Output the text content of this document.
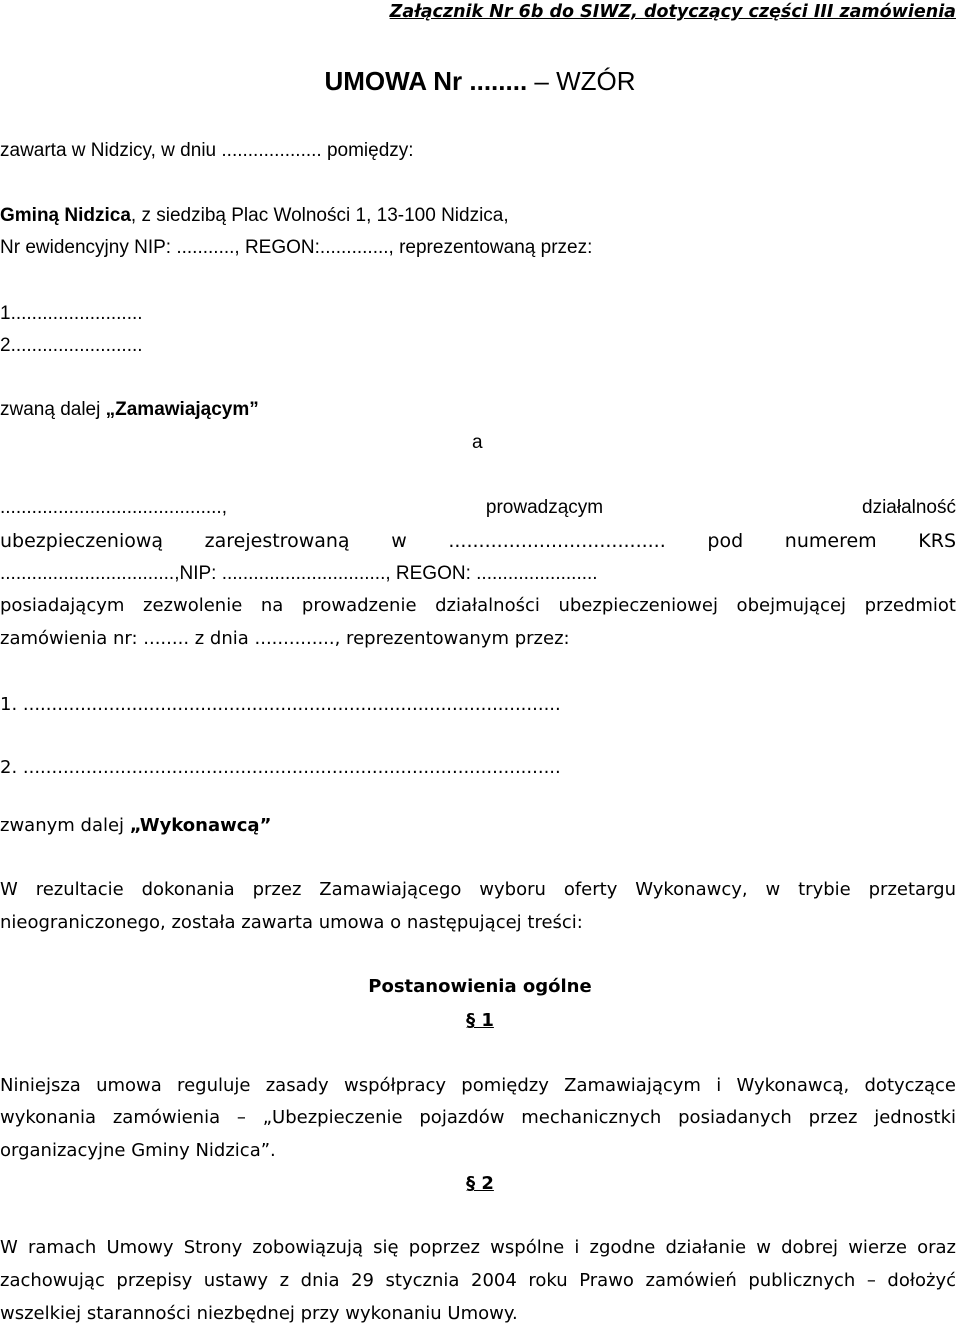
Załącznik Nr 6b do SIWZ, dotyczący części III zamówienia
UMOWA Nr ........ – WZÓR
zawarta w Nidzicy, w dniu ................... pomiędzy:
Gminą Nidzica, z siedzibą Plac Wolności 1, 13-100 Nidzica,
Nr ewidencyjny NIP: ..........., REGON:............., reprezentowaną przez:
1.........................
2.........................
zwaną dalej „Zamawiającym”
a
.........................................., prowadzącym	działalność
ubezpieczeniową zarejestrowaną w .................................... pod numerem KRS
.................................,NIP: ..............................., REGON: .......................
posiadającym zezwolenie na prowadzenie działalności ubezpieczeniowej obejmującej przedmiot
zamówienia nr: ........ z dnia .............., reprezentowanym przez:
1. ..............................................................................................
2. ..............................................................................................
zwanym dalej „Wykonawcą”
W rezultacie dokonania przez Zamawiającego wyboru oferty Wykonawcy, w trybie przetargu
nieograniczonego, została zawarta umowa o następującej treści:
Postanowienia ogólne
§ 1
Niniejsza umowa reguluje zasady współpracy pomiędzy Zamawiającym i Wykonawcą, dotyczące
wykonania zamówienia – „Ubezpieczenie pojazdów mechanicznych posiadanych przez jednostki
organizacyjne Gminy Nidzica”.
§ 2
W ramach Umowy Strony zobowiązują się poprzez wspólne i zgodne działanie w dobrej wierze oraz
zachowując przepisy ustawy z dnia 29 stycznia 2004 roku Prawo zamówień publicznych – dołożyć
wszelkiej staranności niezbędnej przy wykonaniu Umowy.
